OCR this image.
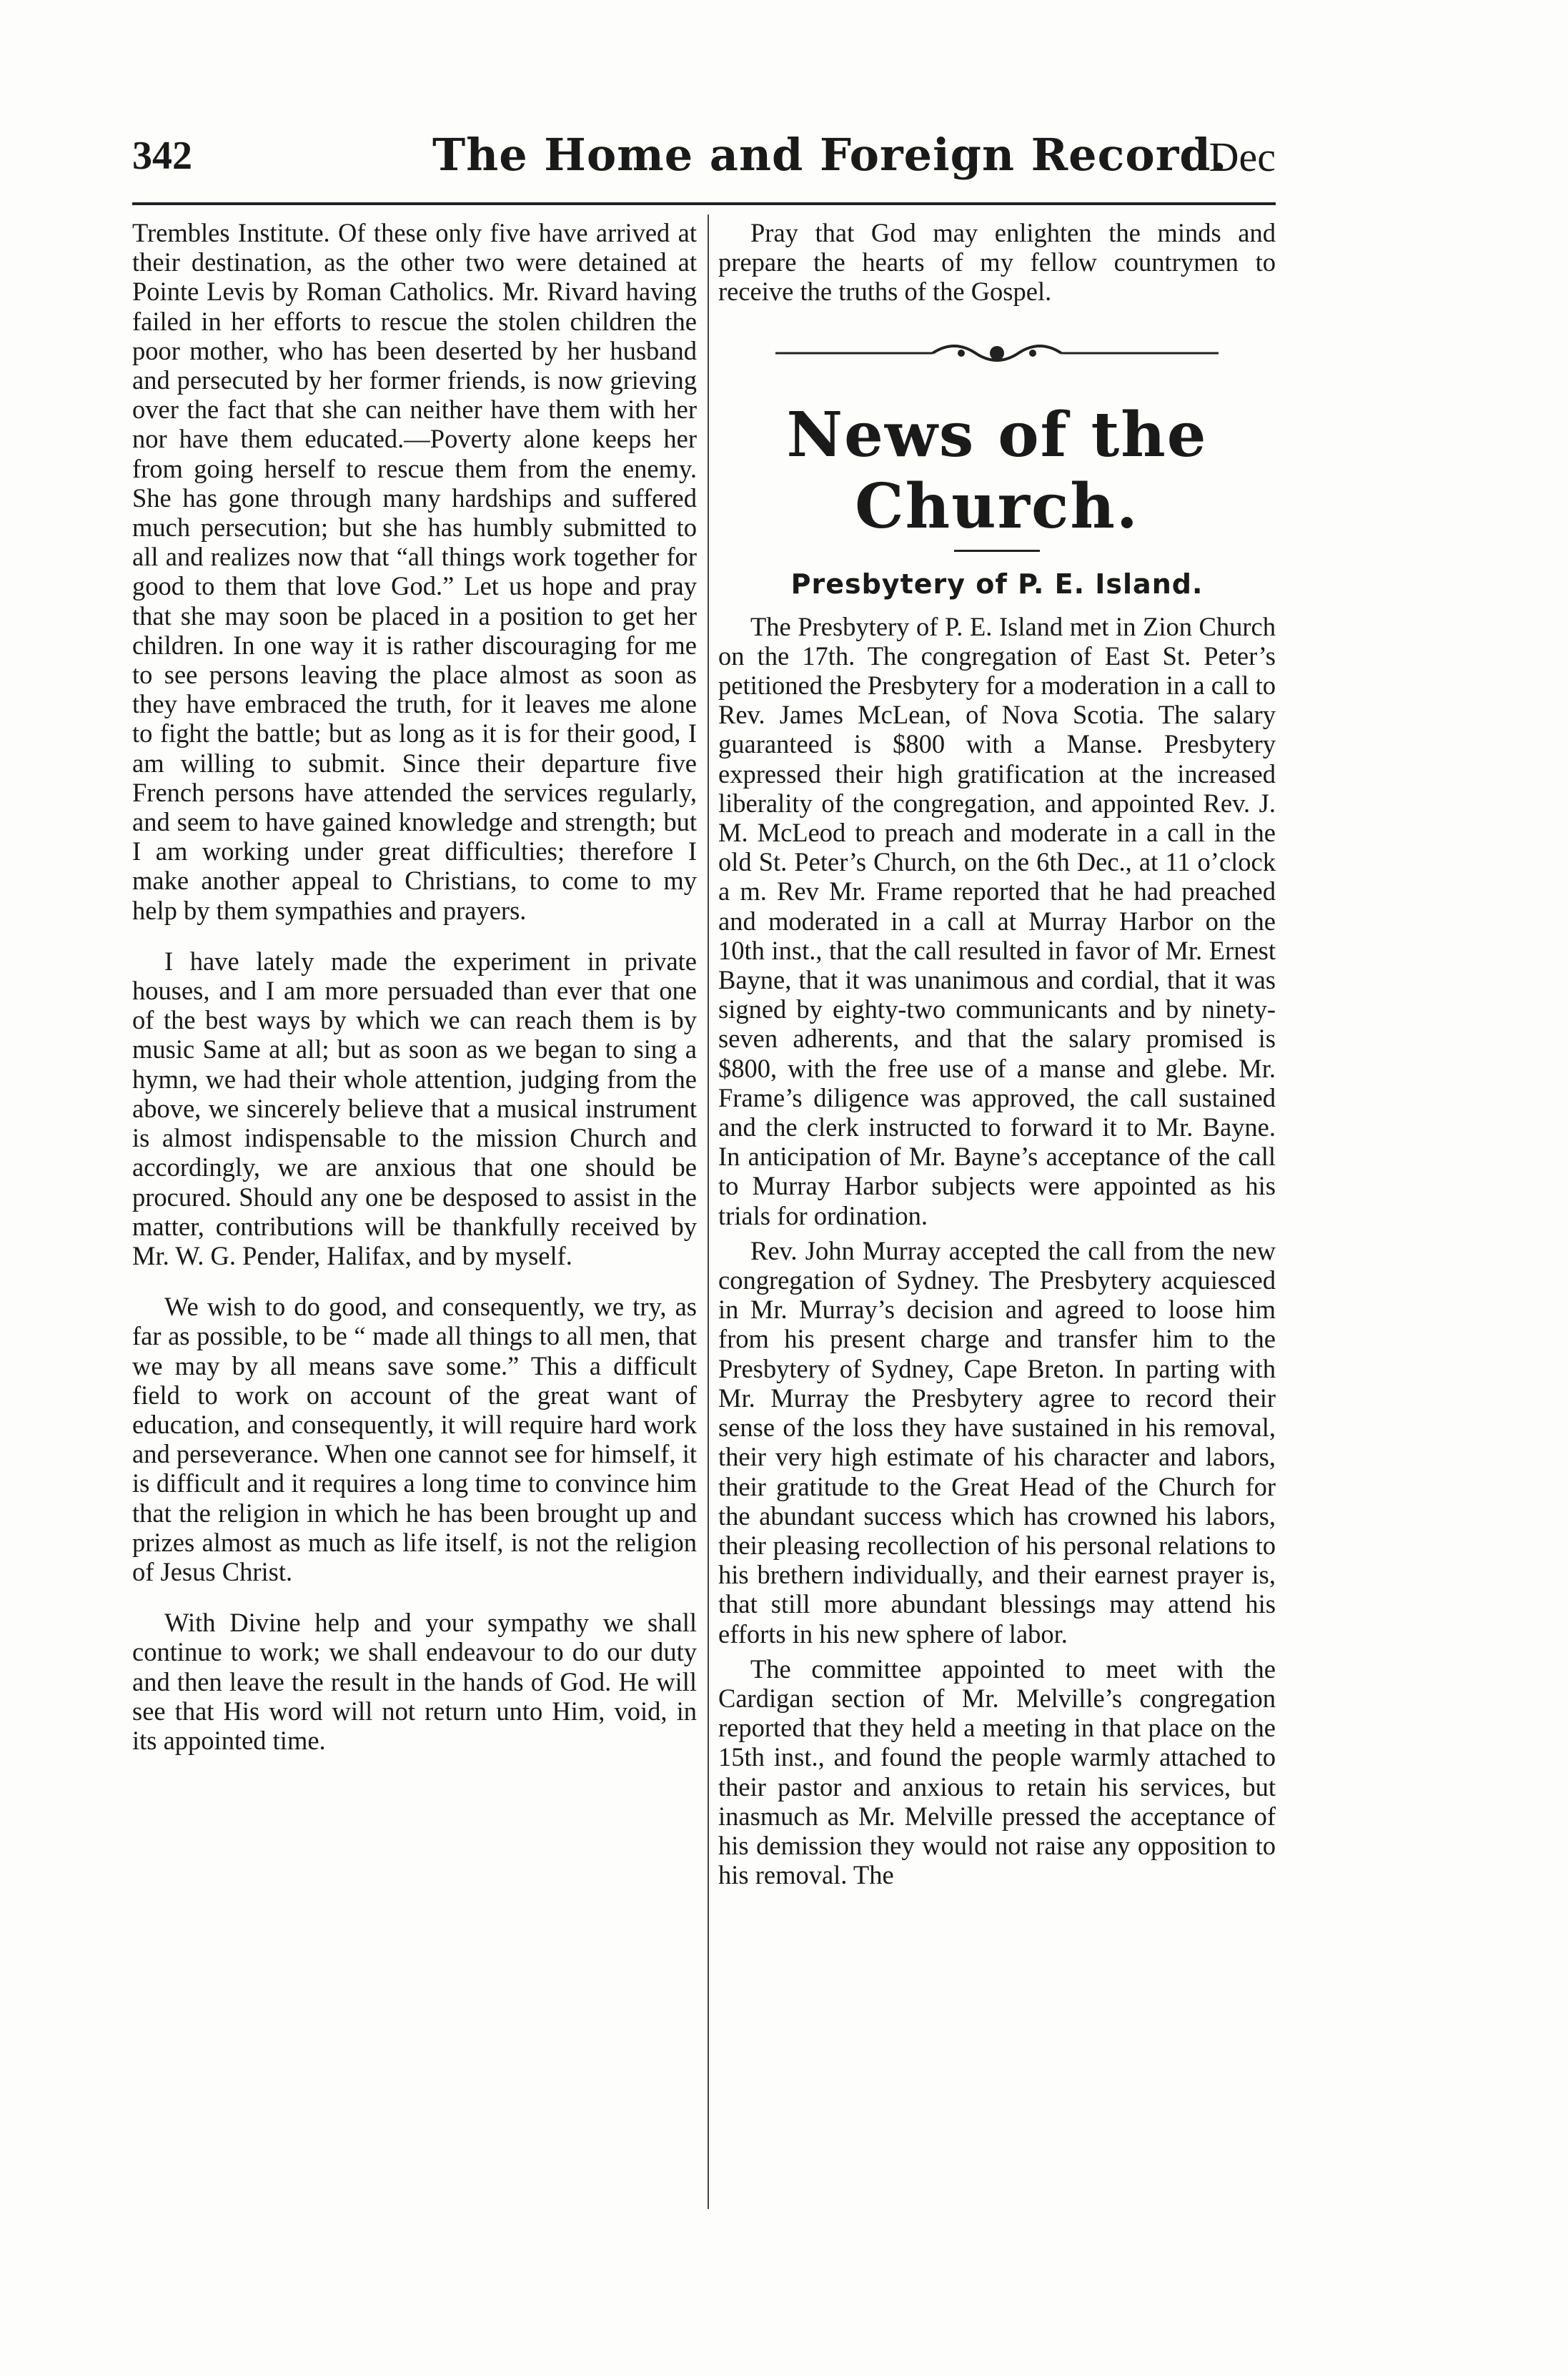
342	The Home and Foreign Record.
Dec

Trembles Institute. Of these only five have arrived at their destination, as the other two were detained at Pointe Levis by Roman Catholics. Mr. Rivard having failed in her efforts to rescue the stolen children the poor mother, who has been deserted by her husband and persecuted by her former friends, is now grieving over the fact that she can neither have them with her nor have them educated.—Poverty alone keeps her from going herself to rescue them from the enemy. She has gone through many hardships and suffered much persecution; but she has humbly submitted to all and realizes now that “all things work together for good to them that love God.” Let us hope and pray that she may soon be placed in a position to get her children. In one way it is rather discouraging for me to see persons leaving the place almost as soon as they have embraced the truth, for it leaves me alone to fight the battle; but as long as it is for their good, I am willing to submit. Since their departure five French persons have attended the services regularly, and seem to have gained knowledge and strength; but I am working under great difficulties; therefore I make another appeal to Christians, to come to my help by them sympathies and prayers.

I have lately made the experiment in private houses, and I am more persuaded than ever that one of the best ways by which we can reach them is by music Same at all; but as soon as we began to sing a hymn, we had their whole attention, judging from the above, we sincerely believe that a musical instrument is almost indispensable to the mission Church and accordingly, we are anxious that one should be procured. Should any one be desposed to assist in the matter, contributions will be thankfully received by Mr. W. G. Pender, Halifax, and by myself.

We wish to do good, and consequently, we try, as far as possible, to be “ made all things to all men, that we may by all means save some.” This a difficult field to work on account of the great want of education, and consequently, it will require hard work and perseverance. When one cannot see for himself, it is difficult and it requires a long time to convince him that the religion in which he has been brought up and prizes almost as much as life itself, is not the religion of Jesus Christ.

With Divine help and your sympathy we shall continue to work; we shall endeavour to do our duty and then leave the result in the hands of God. He will see that His word will not return unto Him, void, in its appointed time.

Pray that God may enlighten the minds and prepare the hearts of my fellow countrymen to receive the truths of the Gospel.

News of the Church.
Presbytery of P. E. Island.

The Presbytery of P. E. Island met in Zion Church on the 17th. The congregation of East St. Peter’s petitioned the Presbytery for a moderation in a call to Rev. James McLean, of Nova Scotia. The salary guaranteed is $800 with a Manse. Presbytery expressed their high gratification at the increased liberality of the congregation, and appointed Rev. J. M. McLeod to preach and moderate in a call in the old St. Peter’s Church, on the 6th Dec., at 11 o’clock a m. Rev Mr. Frame reported that he had preached and moderated in a call at Murray Harbor on the 10th inst., that the call resulted in favor of Mr. Ernest Bayne, that it was unanimous and cordial, that it was signed by eighty-two communicants and by ninety-seven adherents, and that the salary promised is $800, with the free use of a manse and glebe. Mr. Frame’s diligence was approved, the call sustained and the clerk instructed to forward it to Mr. Bayne. In anticipation of Mr. Bayne’s acceptance of the call to Murray Harbor subjects were appointed as his trials for ordination.

Rev. John Murray accepted the call from the new congregation of Sydney. The Presbytery acquiesced in Mr. Murray’s decision and agreed to loose him from his present charge and transfer him to the Presbytery of Sydney, Cape Breton. In parting with Mr. Murray the Presbytery agree to record their sense of the loss they have sustained in his removal, their very high estimate of his character and labors, their gratitude to the Great Head of the Church for the abundant success which has crowned his labors, their pleasing recollection of his personal relations to his brethern individually, and their earnest prayer is, that still more abundant blessings may attend his efforts in his new sphere of labor.

The committee appointed to meet with the Cardigan section of Mr. Melville’s congregation reported that they held a meeting in that place on the 15th inst., and found the people warmly attached to their pastor and anxious to retain his services, but inasmuch as Mr. Melville pressed the acceptance of his demission they would not raise any opposition to his removal. The
